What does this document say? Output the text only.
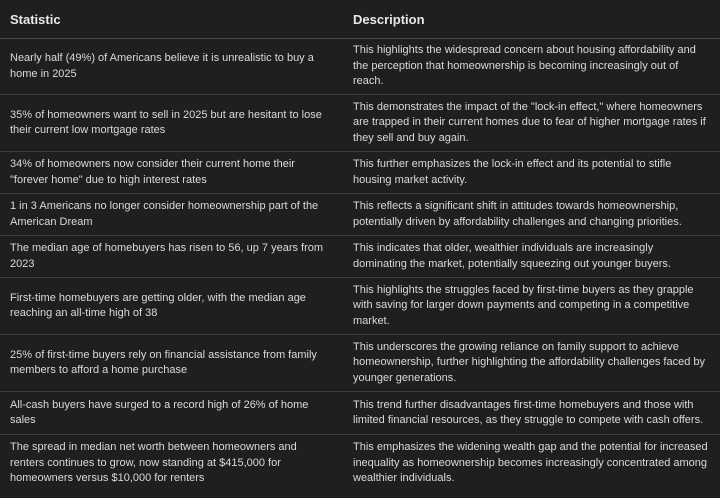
Statistic	Description
Nearly half (49%) of Americans believe it is unrealistic to buy a home in 2025	This highlights the widespread concern about housing affordability and the perception that homeownership is becoming increasingly out of reach.
35% of homeowners want to sell in 2025 but are hesitant to lose their current low mortgage rates	This demonstrates the impact of the "lock-in effect," where homeowners are trapped in their current homes due to fear of higher mortgage rates if they sell and buy again.
34% of homeowners now consider their current home their "forever home" due to high interest rates	This further emphasizes the lock-in effect and its potential to stifle housing market activity.
1 in 3 Americans no longer consider homeownership part of the American Dream	This reflects a significant shift in attitudes towards homeownership, potentially driven by affordability challenges and changing priorities.
The median age of homebuyers has risen to 56, up 7 years from 2023	This indicates that older, wealthier individuals are increasingly dominating the market, potentially squeezing out younger buyers.
First-time homebuyers are getting older, with the median age reaching an all-time high of 38	This highlights the struggles faced by first-time buyers as they grapple with saving for larger down payments and competing in a competitive market.
25% of first-time buyers rely on financial assistance from family members to afford a home purchase	This underscores the growing reliance on family support to achieve homeownership, further highlighting the affordability challenges faced by younger generations.
All-cash buyers have surged to a record high of 26% of home sales	This trend further disadvantages first-time homebuyers and those with limited financial resources, as they struggle to compete with cash offers.
The spread in median net worth between homeowners and renters continues to grow, now standing at $415,000 for homeowners versus $10,000 for renters	This emphasizes the widening wealth gap and the potential for increased inequality as homeownership becomes increasingly concentrated among wealthier individuals.
